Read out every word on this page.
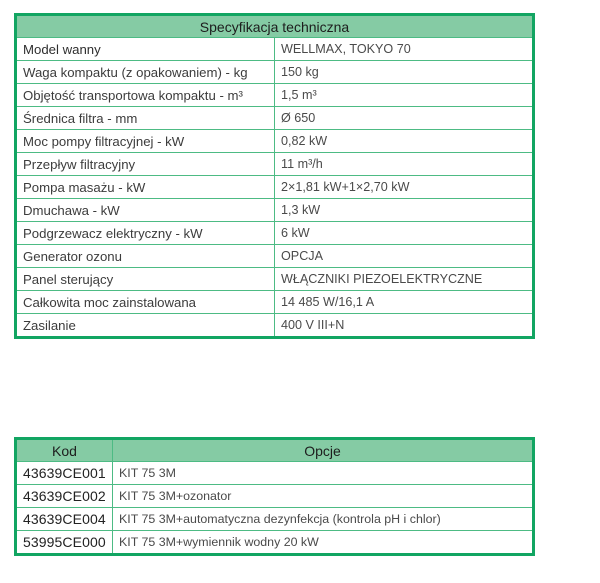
Specyfikacja techniczna	
Model wanny	WELLMAX, TOKYO 70
Waga kompaktu (z opakowaniem) - kg	150 kg
Objętość transportowa kompaktu - m³	1,5 m³
Średnica filtra - mm	Ø 650
Moc pompy filtracyjnej - kW	0,82 kW
Przepływ filtracyjny	11 m³/h
Pompa masażu - kW	2×1,81 kW+1×2,70 kW
Dmuchawa - kW	1,3 kW
Podgrzewacz elektryczny - kW	6 kW
Generator ozonu	OPCJA
Panel sterujący	WŁĄCZNIKI PIEZOELEKTRYCZNE
Całkowita moc zainstalowana	14 485 W/16,1 A
Zasilanie	400 V III+N
Kod	Opcje
43639CE001	KIT 75 3M
43639CE002	KIT 75 3M+ozonator
43639CE004	KIT 75 3M+automatyczna dezynfekcja (kontrola pH i chlor)
53995CE000	KIT 75 3M+wymiennik wodny 20 kW
